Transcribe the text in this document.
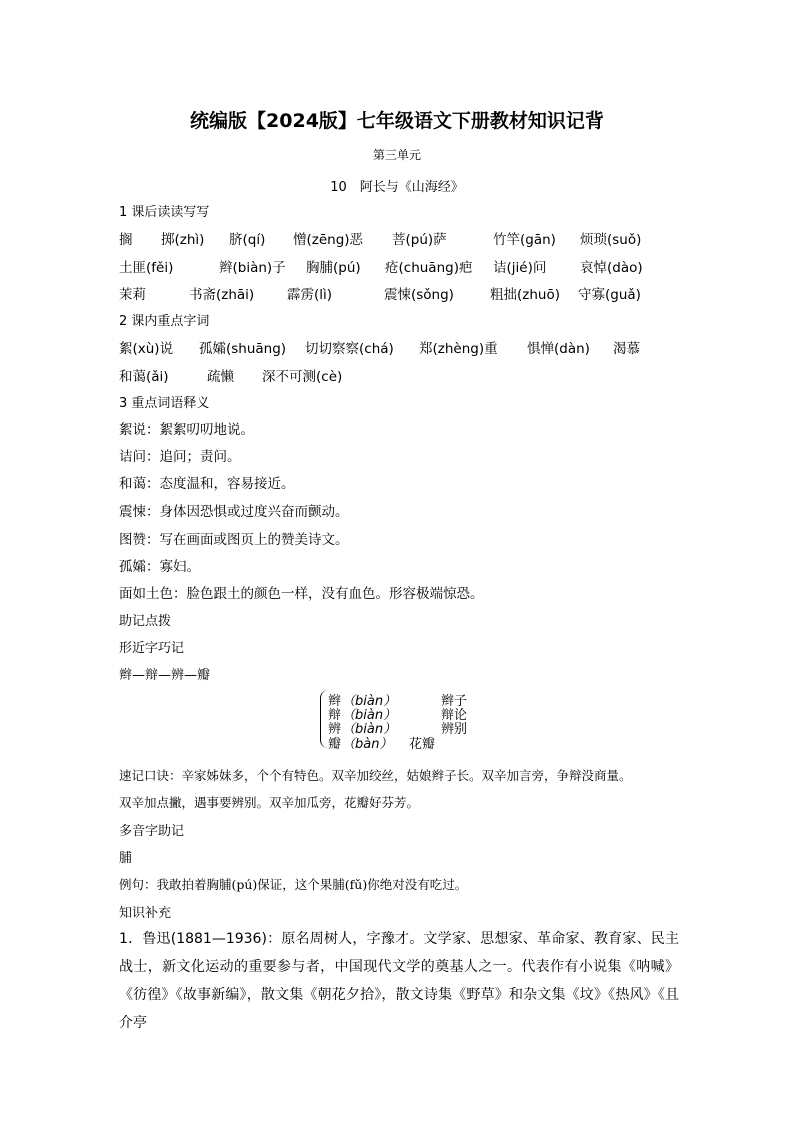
统编版【2024版】七年级语文下册教材知识记背
第三单元
10　阿长与《山海经》
1 课后读读写写
搁 掷(zhì) 脐(qí) 憎(zēng)恶 菩(pú)萨	竹竿(gān) 烦琐(suǒ)
土匪(fěi)	辫(biàn)子 胸脯(pú) 疮(chuāng)疤 诘(jié)问 哀悼(dào)
茉莉	书斋(zhāi) 霹雳(lì)	震悚(sǒng)	粗拙(zhuō) 守寡(guǎ)
2 课内重点字词
絮(xù)说 孤孀(shuāng) 切切察察(chá) 郑(zhèng)重 惧惮(dàn) 渴慕
和蔼(ǎi)	疏懒 深不可测(cè)
3 重点词语释义
絮说：絮絮叨叨地说。
诘问：追问；责问。
和蔼：态度温和，容易接近。
震悚：身体因恐惧或过度兴奋而颤动。
图赞：写在画面或图页上的赞美诗文。
孤孀：寡妇。
面如土色：脸色跟土的颜色一样，没有血色。形容极端惊恐。
助记点拨
形近字巧记
辫—辩—辨—瓣
辫 （biàn）	辫子
辩 （biàn）	辩论
辨 （biàn）	辨别
瓣 （bàn） 花瓣
速记口诀：辛家姊妹多，个个有特色。双辛加绞丝，姑娘辫子长。双辛加言旁，争辩没商量。
双辛加点撇，遇事要辨别。双辛加瓜旁，花瓣好芬芳。
多音字助记
脯
例句：我敢拍着胸脯(pú)保证，这个果脯(fǔ)你绝对没有吃过。
知识补充
1．鲁迅(1881—1936)：原名周树人，字豫才。文学家、思想家、革命家、教育家、民主战士，新文化运动的重要参与者，中国现代文学的奠基人之一。代表作有小说集《呐喊》《彷徨》《故事新编》，散文集《朝花夕拾》，散文诗集《野草》和杂文集《坟》《热风》《且介亭
